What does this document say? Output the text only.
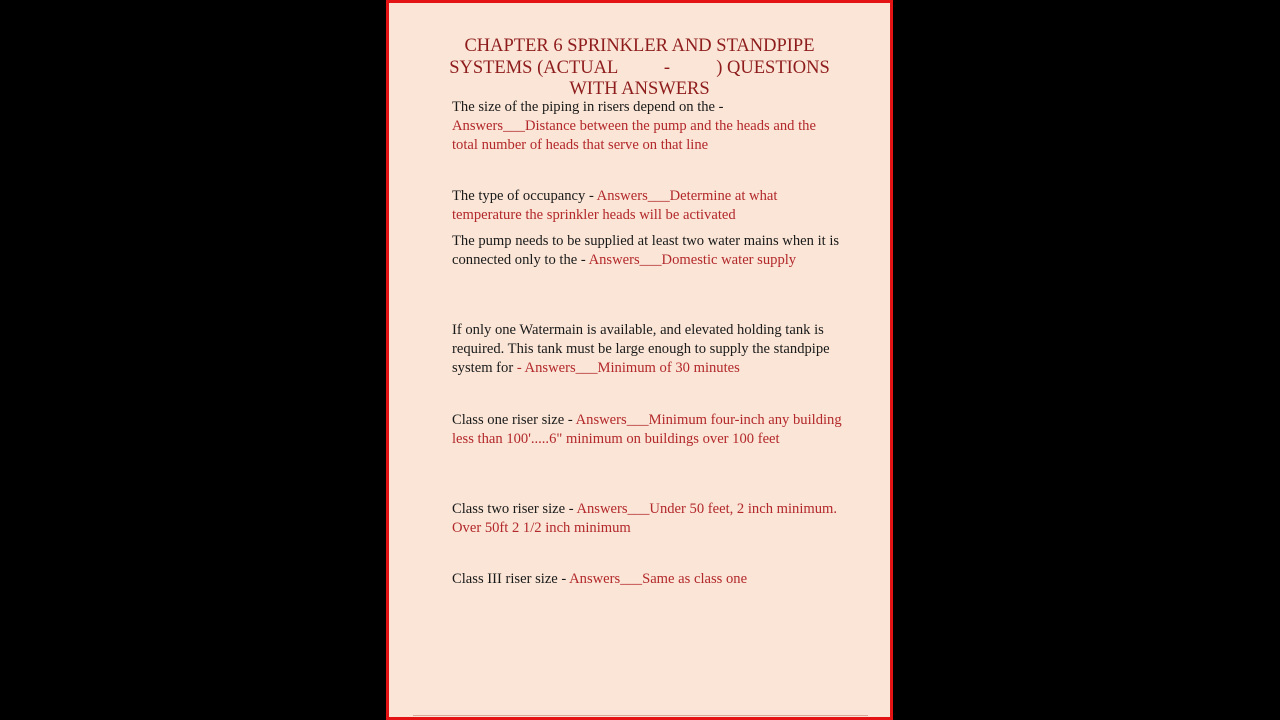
CHAPTER 6 SPRINKLER AND STANDPIPE
SYSTEMS (ACTUAL          -          ) QUESTIONS
WITH ANSWERS
The size of the piping in risers depend on the - Answers___Distance between the pump and the heads and the total number of heads that serve on that line
The type of occupancy - Answers___Determine at what temperature the sprinkler heads will be activated
The pump needs to be supplied at least two water mains when it is connected only to the - Answers___Domestic water supply
If only one Watermain is available, and elevated holding tank is required. This tank must be large enough to supply the standpipe system for - Answers___Minimum of 30 minutes
Class one riser size - Answers___Minimum four-inch any building less than 100'.....6" minimum on buildings over 100 feet
Class two riser size - Answers___Under 50 feet, 2 inch minimum. Over 50ft 2 1/2 inch minimum
Class III riser size - Answers___Same as class one
